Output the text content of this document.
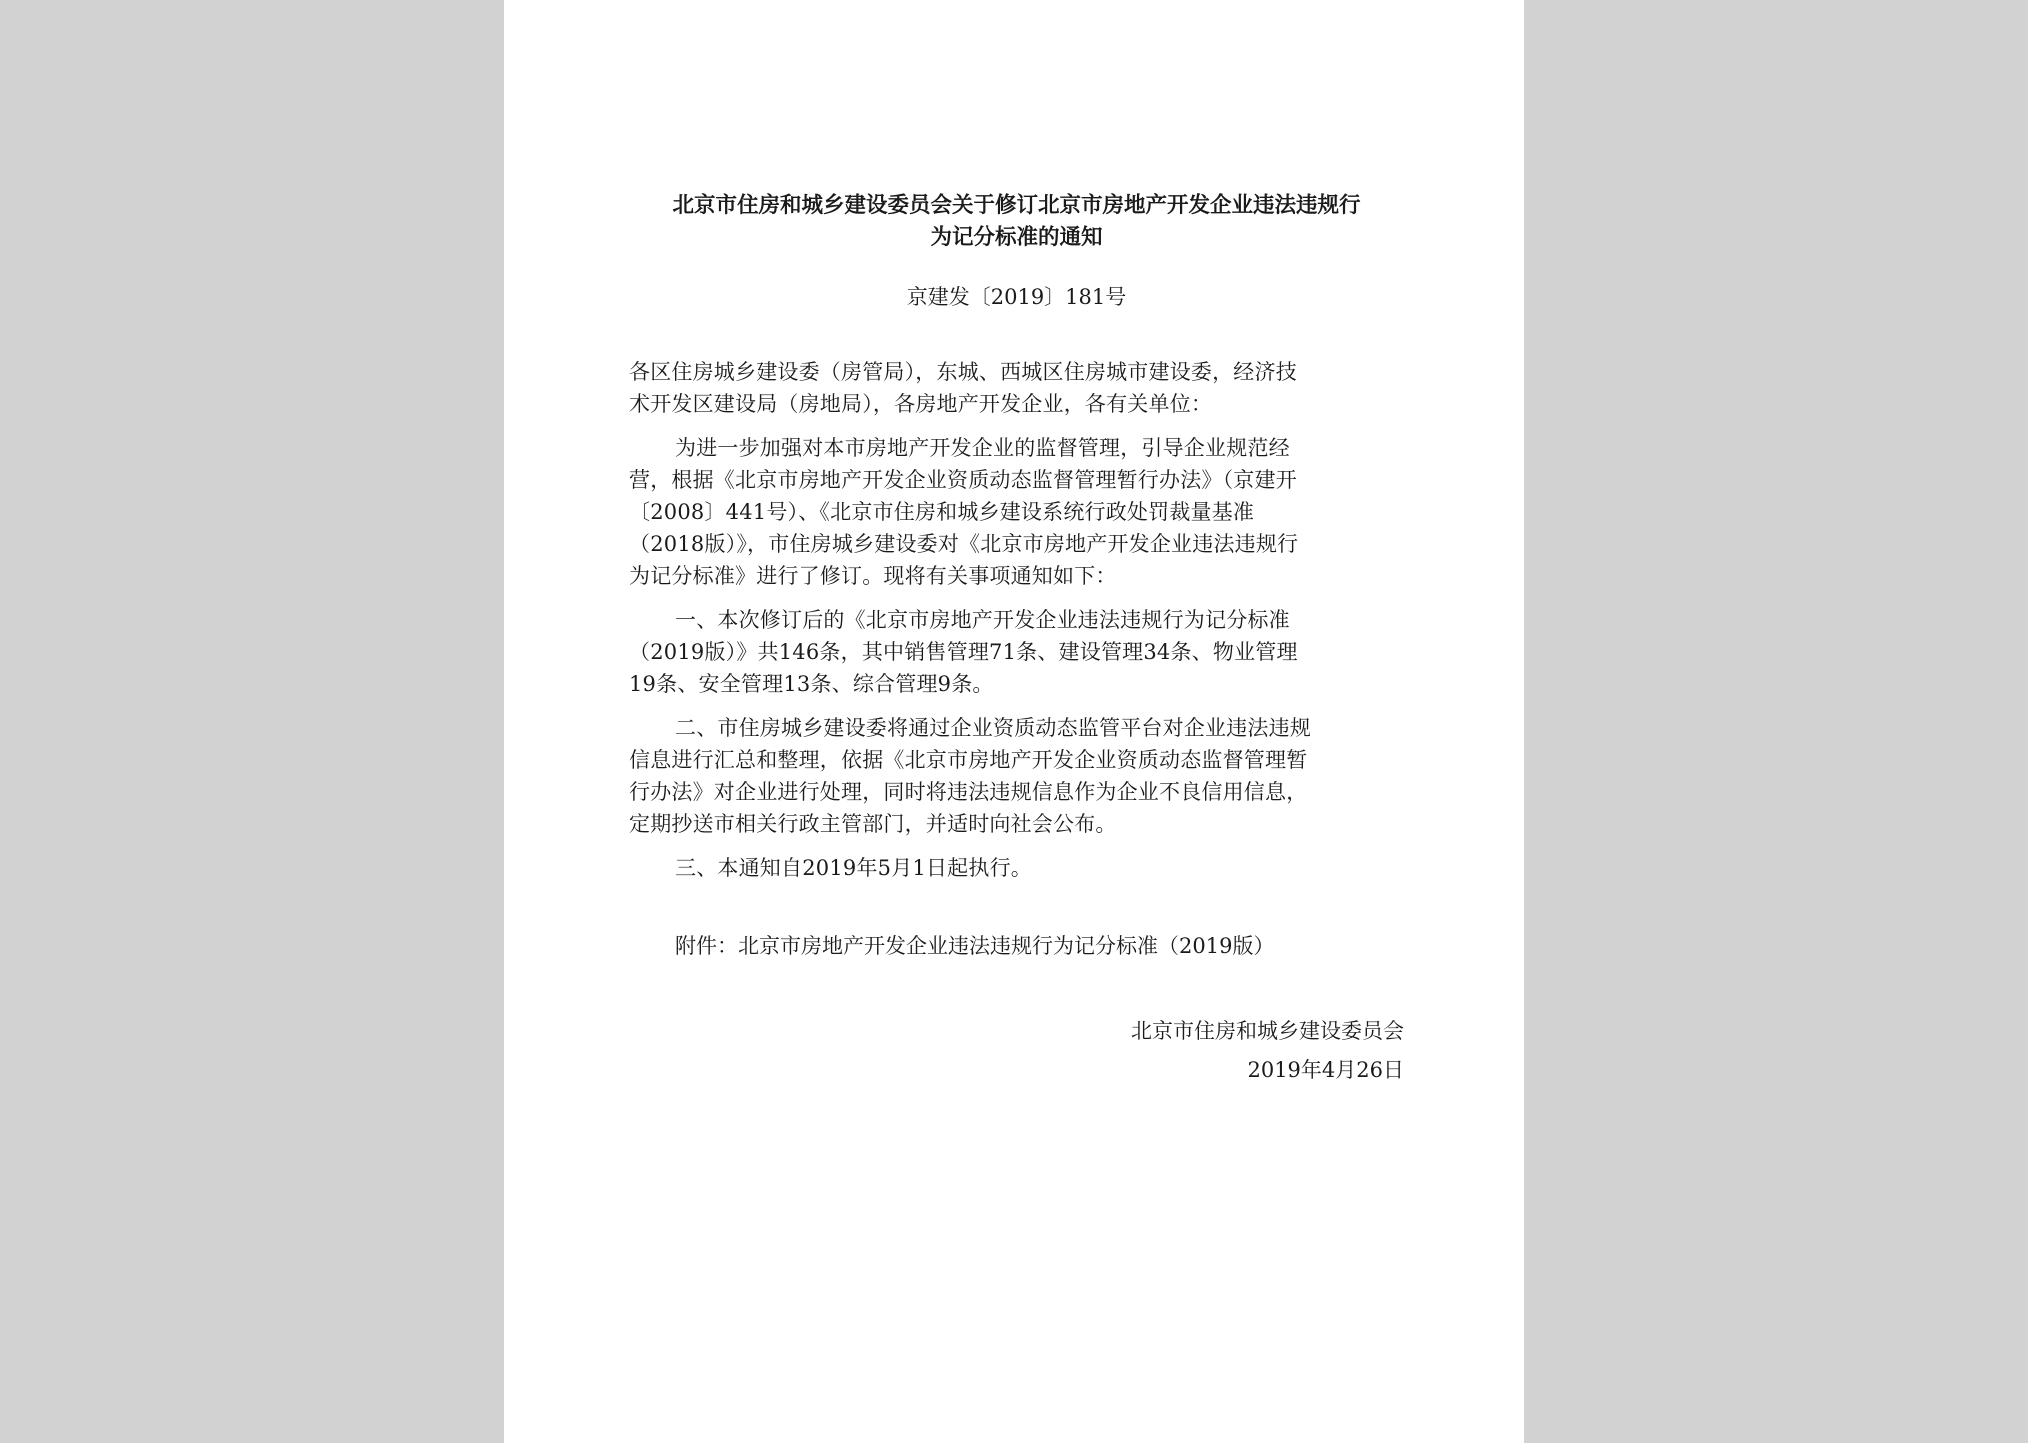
北京市住房和城乡建设委员会关于修订北京市房地产开发企业违法违规行
为记分标准的通知
京建发〔2019〕181号
各区住房城乡建设委（房管局），东城、西城区住房城市建设委，经济技
术开发区建设局（房地局），各房地产开发企业，各有关单位：
为进一步加强对本市房地产开发企业的监督管理，引导企业规范经
营，根据《北京市房地产开发企业资质动态监督管理暂行办法》（京建开
〔2008〕441号）、《北京市住房和城乡建设系统行政处罚裁量基准
（2018版）》，市住房城乡建设委对《北京市房地产开发企业违法违规行
为记分标准》进行了修订。现将有关事项通知如下：
一、本次修订后的《北京市房地产开发企业违法违规行为记分标准
（2019版）》共146条，其中销售管理71条、建设管理34条、物业管理
19条、安全管理13条、综合管理9条。
二、市住房城乡建设委将通过企业资质动态监管平台对企业违法违规
信息进行汇总和整理，依据《北京市房地产开发企业资质动态监督管理暂
行办法》对企业进行处理，同时将违法违规信息作为企业不良信用信息，
定期抄送市相关行政主管部门，并适时向社会公布。
三、本通知自2019年5月1日起执行。
附件：北京市房地产开发企业违法违规行为记分标准（2019版）
北京市住房和城乡建设委员会
2019年4月26日
